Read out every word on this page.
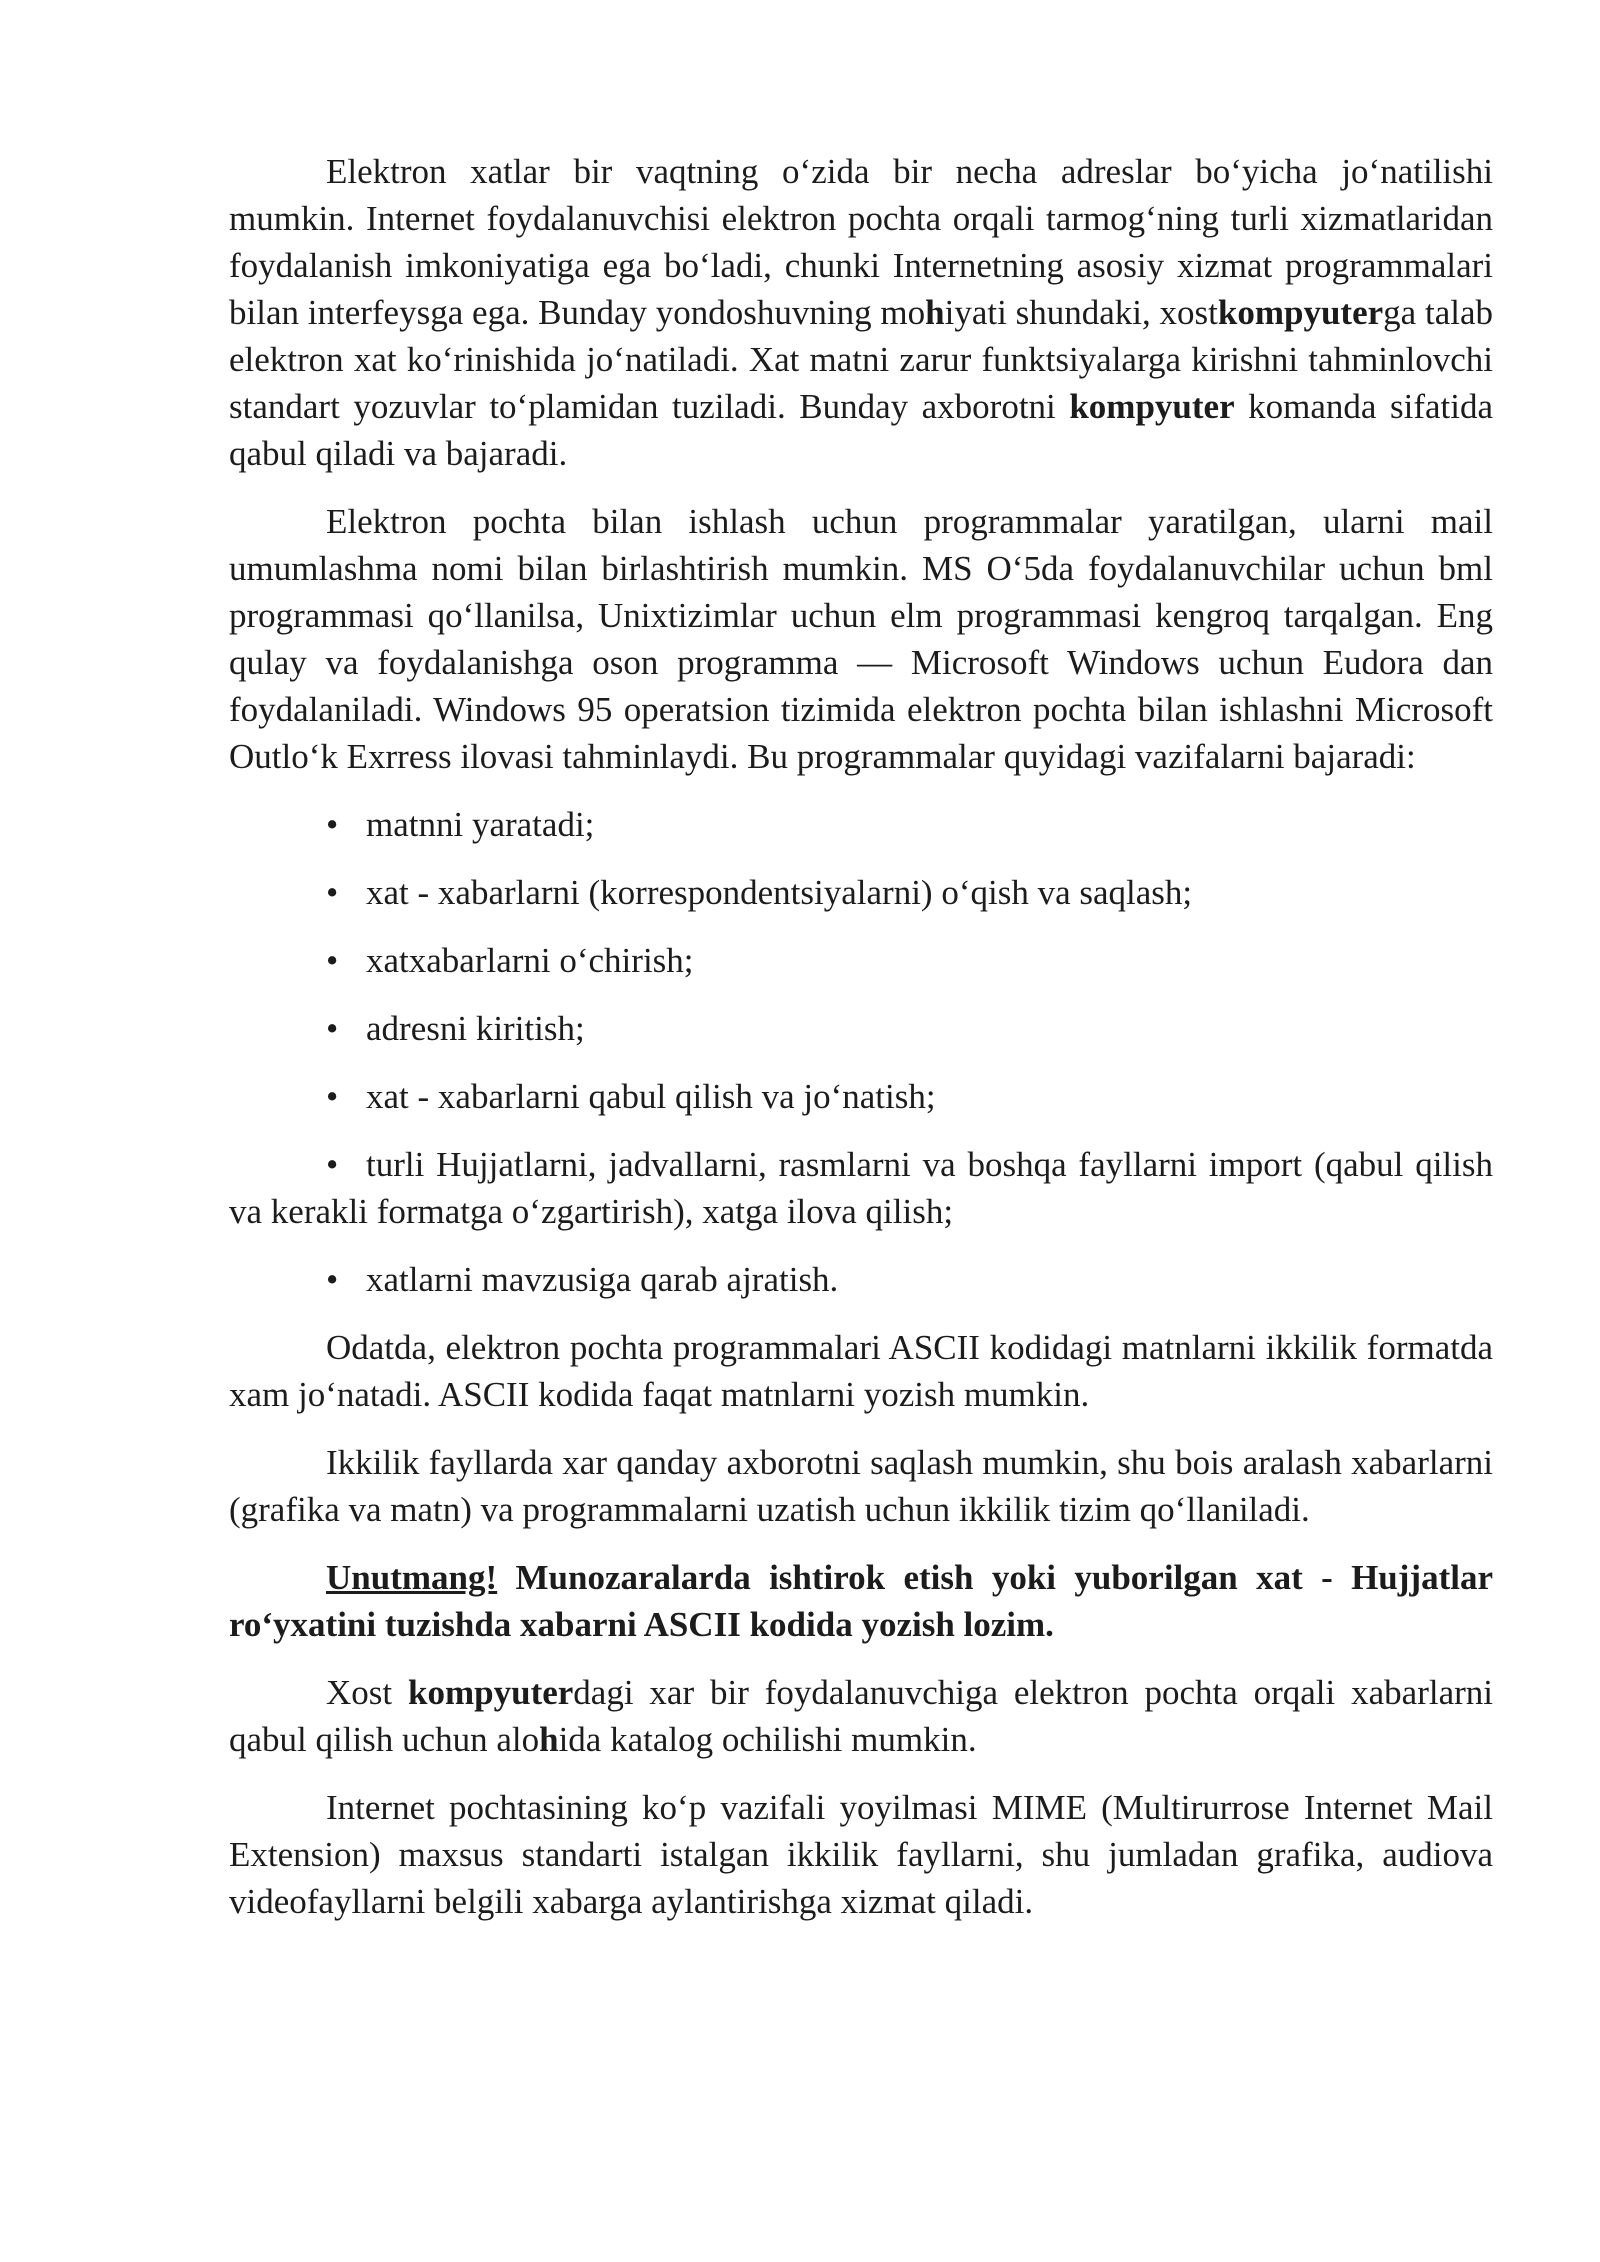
Elektron xatlar bir vaqtning o‘zida bir necha adreslar bo‘yicha jo‘natilishi mumkin. Internet foydalanuvchisi elektron pochta orqali tarmog‘ning turli xizmatlaridan foydalanish imkoniyatiga ega bo‘ladi, chunki Internetning asosiy xizmat programmalari bilan interfeysga ega. Bunday yondoshuvning mohiyati shundaki, xostkompyuterga talab elektron xat ko‘rinishida jo‘natiladi. Xat matni zarur funktsiyalarga kirishni tahminlovchi standart yozuvlar to‘plamidan tuziladi. Bunday axborotni kompyuter komanda sifatida qabul qiladi va bajaradi.

Elektron pochta bilan ishlash uchun programmalar yaratilgan, ularni mail umumlashma nomi bilan birlashtirish mumkin. MS O‘5da foydalanuvchilar uchun bml programmasi qo‘llanilsa, Unixtizimlar uchun elm programmasi kengroq tarqalgan. Eng qulay va foydalanishga oson programma — Microsoft Windows uchun Eudora dan foydalaniladi. Windows 95 operatsion tizimida elektron pochta bilan ishlashni Microsoft Outlo‘k Exrress ilovasi tahminlaydi. Bu programmalar quyidagi vazifalarni bajaradi:

• matnni yaratadi;
• xat - xabarlarni (korrespondentsiyalarni) o‘qish va saqlash;
• xatxabarlarni o‘chirish;
• adresni kiritish;
• xat - xabarlarni qabul qilish va jo‘natish;
• turli Hujjatlarni, jadvallarni, rasmlarni va boshqa fayllarni import (qabul qilish va kerakli formatga o‘zgartirish), xatga ilova qilish;
• xatlarni mavzusiga qarab ajratish.

Odatda, elektron pochta programmalari ASCII kodidagi matnlarni ikkilik formatda xam jo‘natadi. ASCII kodida faqat matnlarni yozish mumkin.

Ikkilik fayllarda xar qanday axborotni saqlash mumkin, shu bois aralash xabarlarni (grafika va matn) va programmalarni uzatish uchun ikkilik tizim qo‘llaniladi.

Unutmang! Munozaralarda ishtirok etish yoki yuborilgan xat - Hujjatlar ro‘yxatini tuzishda xabarni ASCII kodida yozish lozim.

Xost kompyuterdagi xar bir foydalanuvchiga elektron pochta orqali xabarlarni qabul qilish uchun alohida katalog ochilishi mumkin.

Internet pochtasining ko‘p vazifali yoyilmasi MIME (Multirurrose Internet Mail Extension) maxsus standarti istalgan ikkilik fayllarni, shu jumladan grafika, audiova videofayllarni belgili xabarga aylantirishga xizmat qiladi.
